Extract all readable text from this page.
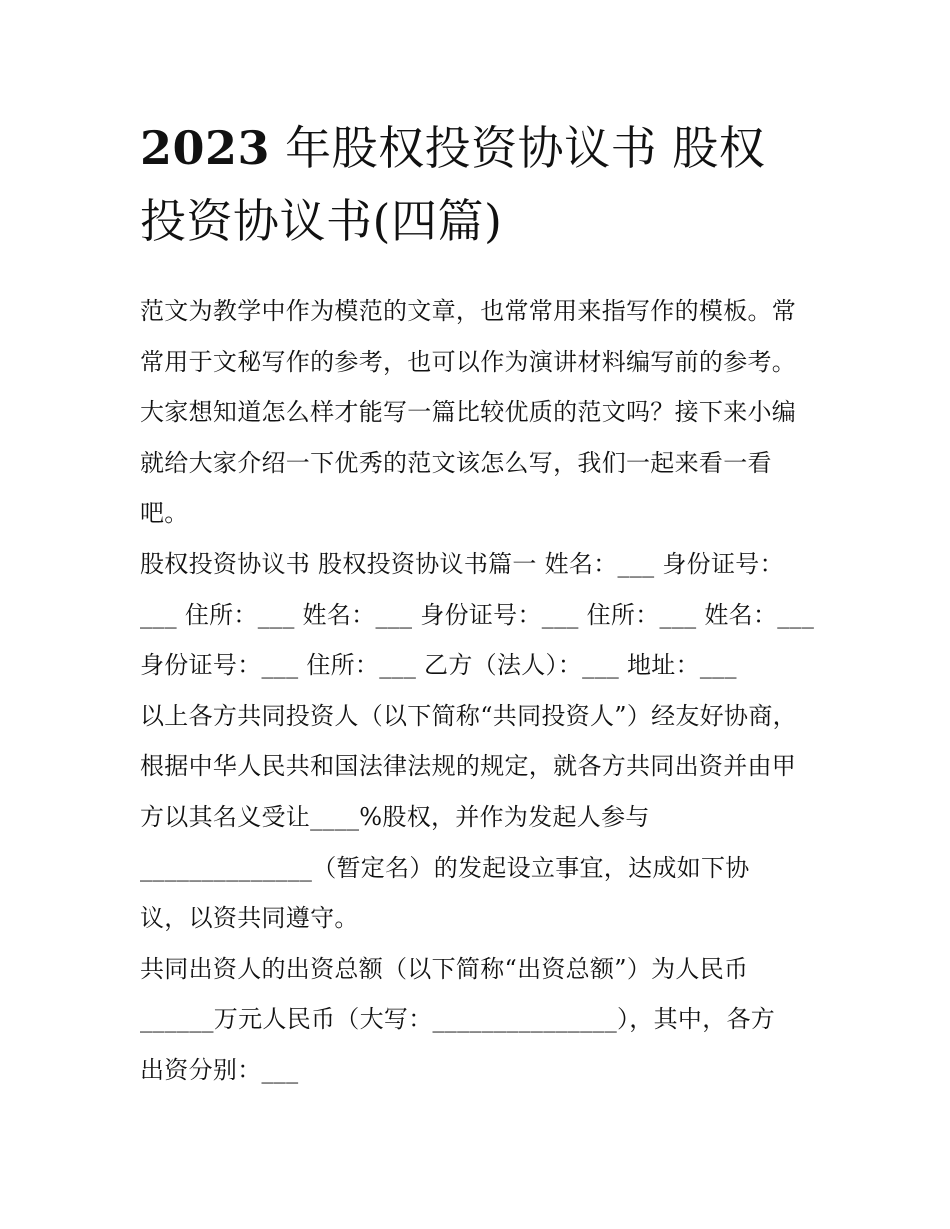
2023 年股权投资协议书 股权
投资协议书(四篇)
范文为教学中作为模范的文章，也常常用来指写作的模板。常
常用于文秘写作的参考，也可以作为演讲材料编写前的参考。
大家想知道怎么样才能写一篇比较优质的范文吗？接下来小编
就给大家介绍一下优秀的范文该怎么写，我们一起来看一看
吧。
股权投资协议书 股权投资协议书篇一 姓名：___ 身份证号：
___ 住所：___ 姓名：___ 身份证号：___ 住所：___ 姓名：___
身份证号：___ 住所：___ 乙方（法人）：___ 地址：___
以上各方共同投资人（以下简称“共同投资人”）经友好协商，
根据中华人民共和国法律法规的规定，就各方共同出资并由甲
方以其名义受让____%股权，并作为发起人参与
______________（暂定名）的发起设立事宜，达成如下协
议，以资共同遵守。
共同出资人的出资总额（以下简称“出资总额”）为人民币
______万元人民币（大写：_______________），其中，各方
出资分别：___
